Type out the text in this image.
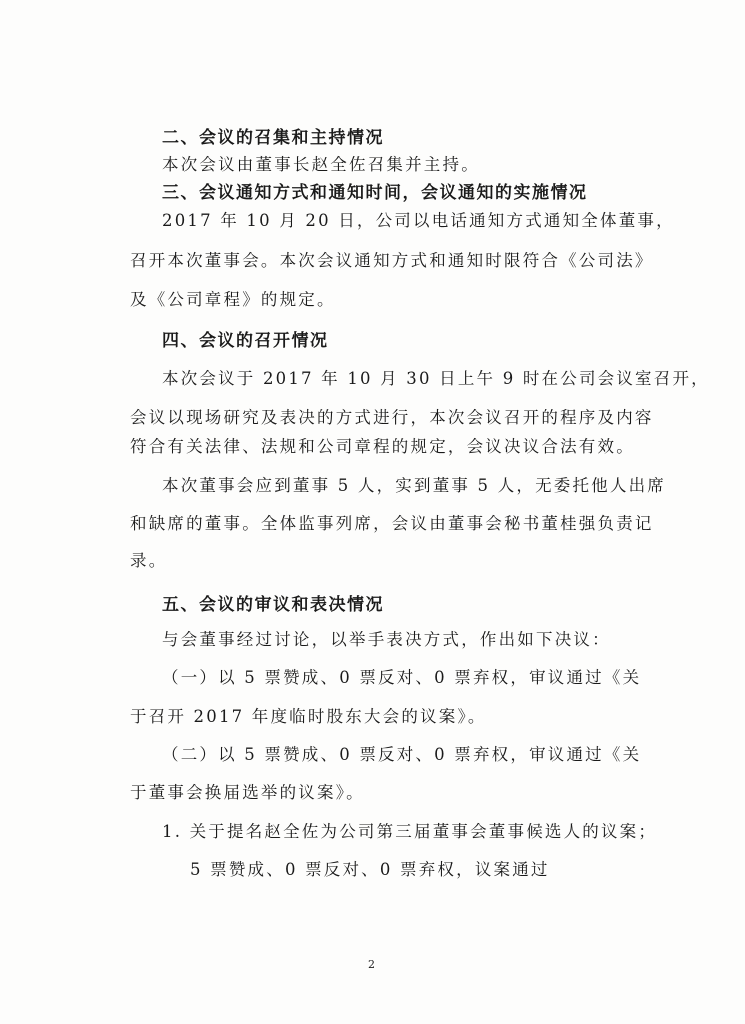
二、会议的召集和主持情况
本次会议由董事长赵全佐召集并主持。
三、会议通知方式和通知时间，会议通知的实施情况
2017 年 10 月 20 日，公司以电话通知方式通知全体董事，
召开本次董事会。本次会议通知方式和通知时限符合《公司法》
及《公司章程》的规定。
四、会议的召开情况
本次会议于 2017 年 10 月 30 日上午 9 时在公司会议室召开，
会议以现场研究及表决的方式进行，本次会议召开的程序及内容
符合有关法律、法规和公司章程的规定，会议决议合法有效。
本次董事会应到董事 5 人，实到董事 5 人，无委托他人出席
和缺席的董事。全体监事列席，会议由董事会秘书董桂强负责记
录。
五、会议的审议和表决情况
与会董事经过讨论，以举手表决方式，作出如下决议：
（一）以 5 票赞成、0 票反对、0 票弃权，审议通过《关
于召开 2017 年度临时股东大会的议案》。
（二）以 5 票赞成、0 票反对、0 票弃权，审议通过《关
于董事会换届选举的议案》。
1. 关于提名赵全佐为公司第三届董事会董事候选人的议案；
5 票赞成、0 票反对、0 票弃权，议案通过
2
